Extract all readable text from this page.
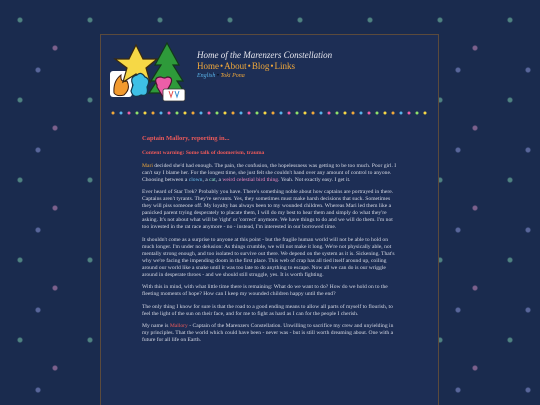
Home of the Marenzers Constellation
Home•About•Blog•Links
English • Toki Pona

Captain Mallory, reporting in...

Content warning: Some talk of doomerism, trauma

Mari decided she'd had enough. The pain, the confusion, the hopelessness was getting to be too much. Poor girl. I can't say I blame her. For the longest time, she just felt she couldn't hand over any amount of control to anyone. Choosing between a clown, a cat, a weird celestial bird thing. Yeah. Not exactly easy. I get it.

Ever heard of Star Trek? Probably you have. There's something noble about how captains are portrayed in there. Captains aren't tyrants. They're servants. Yes, they sometimes must make harsh decisions that suck. Sometimes they will piss someone off. My loyalty has always been to my wounded children. Whereas Mari led them like a panicked parent trying desperately to placate them, I will do my best to hear them and simply do what they're asking. It's not about what will be 'right' or 'correct' anymore. We have things to do and we will do them. I'm not too invested in the rat race anymore - no - instead, I'm interested in our borrowed time.

It shouldn't come as a surprise to anyone at this point - but the fragile human world will not be able to hold on much longer. I'm under no delusion: As things crumble, we will not make it long. We're not physically able, not mentally strong enough, and too isolated to survive out there. We depend on the system as it is. Sickening. That's why we're facing the impending doom in the first place. This web of crap has all tied itself around up, coiling around our world like a snake until it was too late to do anything to escape. Now all we can do is our wriggle around in desperate throes - and we should still struggle, yes. It is worth fighting.

With this in mind, with what little time there is remaining: What do we want to do? How do we hold on to the fleeting moments of hope? How can I keep my wounded children happy until the end?

The only thing I know for sure is that the road to a good ending means to allow all parts of myself to flourish, to feel the light of the sun on their face, and for me to fight as hard as I can for the people I cherish.

My name is Mallory - Captain of the Marenzers Constellation. Unwilling to sacrifice my crew and unyielding in my principles. That the world which could have been - never was - but is still worth dreaming about. One with a future for all life on Earth.
